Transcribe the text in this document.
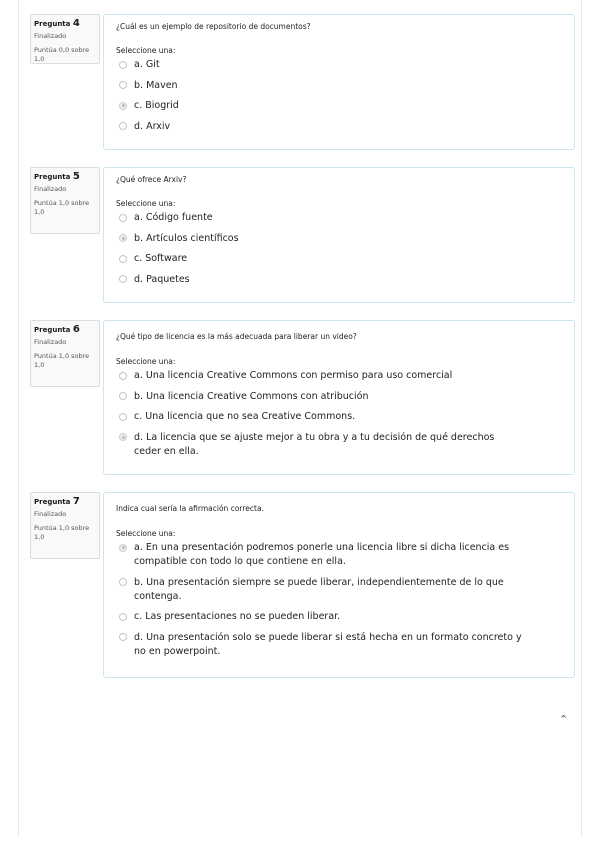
Pregunta 4
Finalizado
Puntúa 0,0 sobre
1,0
¿Cuál es un ejemplo de repositorio de documentos?
Seleccione una:
a. Git
b. Maven
c. Biogrid
d. Arxiv
Pregunta 5
Finalizado
Puntúa 1,0 sobre
1,0
¿Qué ofrece Arxiv?
Seleccione una:
a. Código fuente
b. Artículos científicos
c. Software
d. Paquetes
Pregunta 6
Finalizado
Puntúa 1,0 sobre
1,0
¿Qué tipo de licencia es la más adecuada para liberar un video?
Seleccione una:
a. Una licencia Creative Commons con permiso para uso comercial
b. Una licencia Creative Commons con atribución
c. Una licencia que no sea Creative Commons.
d. La licencia que se ajuste mejor a tu obra y a tu decisión de qué derechos ceder en ella.
Pregunta 7
Finalizado
Puntúa 1,0 sobre
1,0
Indica cual sería la afirmación correcta.
Seleccione una:
a. En una presentación podremos ponerle una licencia libre si dicha licencia es compatible con todo lo que contiene en ella.
b. Una presentación siempre se puede liberar, independientemente de lo que contenga.
c. Las presentaciones no se pueden liberar.
d. Una presentación solo se puede liberar si está hecha en un formato concreto y no en powerpoint.
⌃
